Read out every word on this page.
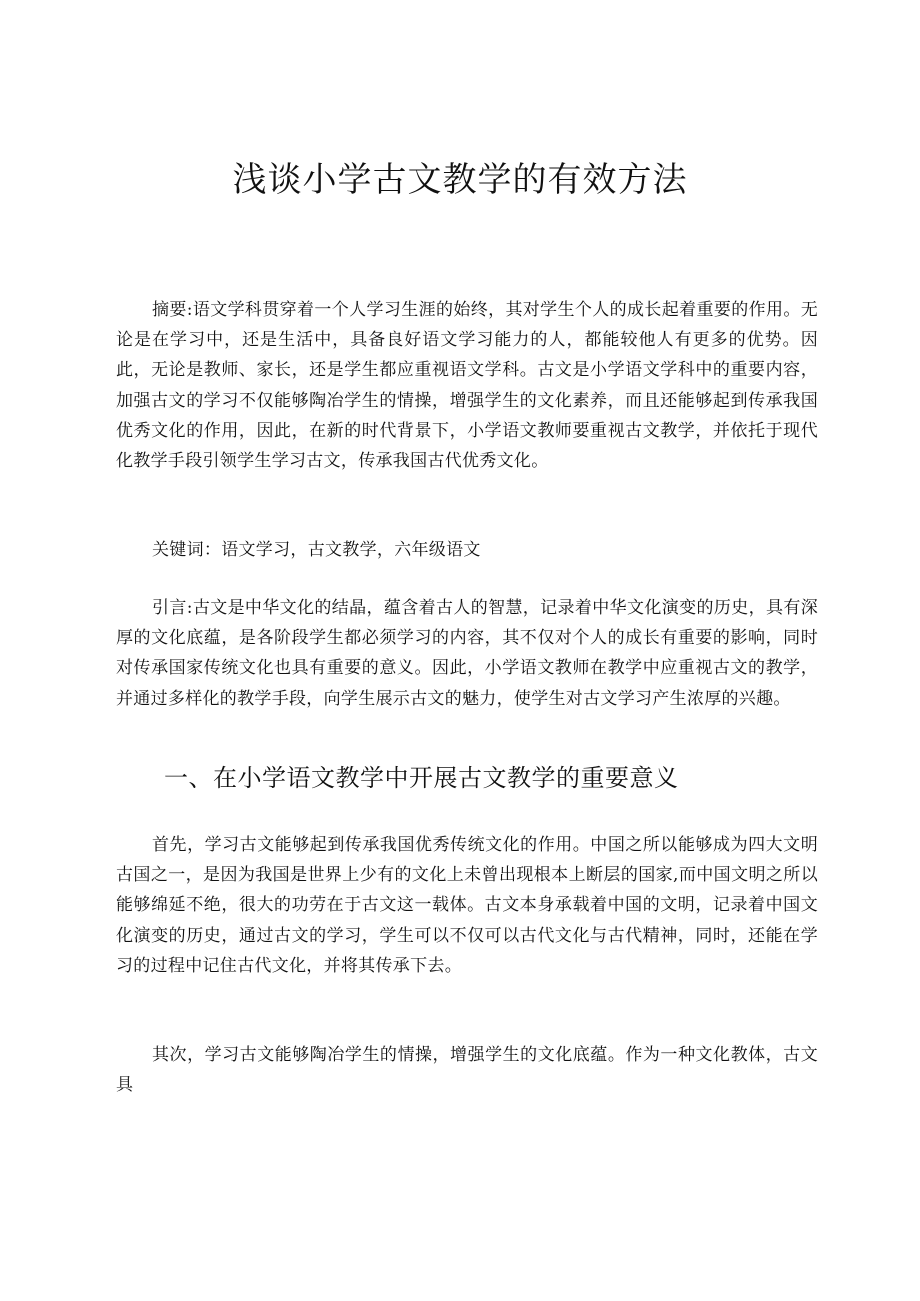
浅谈小学古文教学的有效方法

摘要:语文学科贯穿着一个人学习生涯的始终，其对学生个人的成长起着重要的作用。无论是在学习中，还是生活中，具备良好语文学习能力的人，都能较他人有更多的优势。因此，无论是教师、家长，还是学生都应重视语文学科。古文是小学语文学科中的重要内容，加强古文的学习不仅能够陶冶学生的情操，增强学生的文化素养，而且还能够起到传承我国优秀文化的作用，因此，在新的时代背景下，小学语文教师要重视古文教学，并依托于现代化教学手段引领学生学习古文，传承我国古代优秀文化。

关键词：语文学习，古文教学，六年级语文

引言:古文是中华文化的结晶，蕴含着古人的智慧，记录着中华文化演变的历史，具有深厚的文化底蕴，是各阶段学生都必须学习的内容，其不仅对个人的成长有重要的影响，同时对传承国家传统文化也具有重要的意义。因此，小学语文教师在教学中应重视古文的教学，并通过多样化的教学手段，向学生展示古文的魅力，使学生对古文学习产生浓厚的兴趣。

一、在小学语文教学中开展古文教学的重要意义

首先，学习古文能够起到传承我国优秀传统文化的作用。中国之所以能够成为四大文明古国之一，是因为我国是世界上少有的文化上未曾出现根本上断层的国家,而中国文明之所以能够绵延不绝，很大的功劳在于古文这一载体。古文本身承载着中国的文明，记录着中国文化演变的历史，通过古文的学习，学生可以不仅可以古代文化与古代精神，同时，还能在学习的过程中记住古代文化，并将其传承下去。

其次，学习古文能够陶冶学生的情操，增强学生的文化底蕴。作为一种文化教体，古文具
